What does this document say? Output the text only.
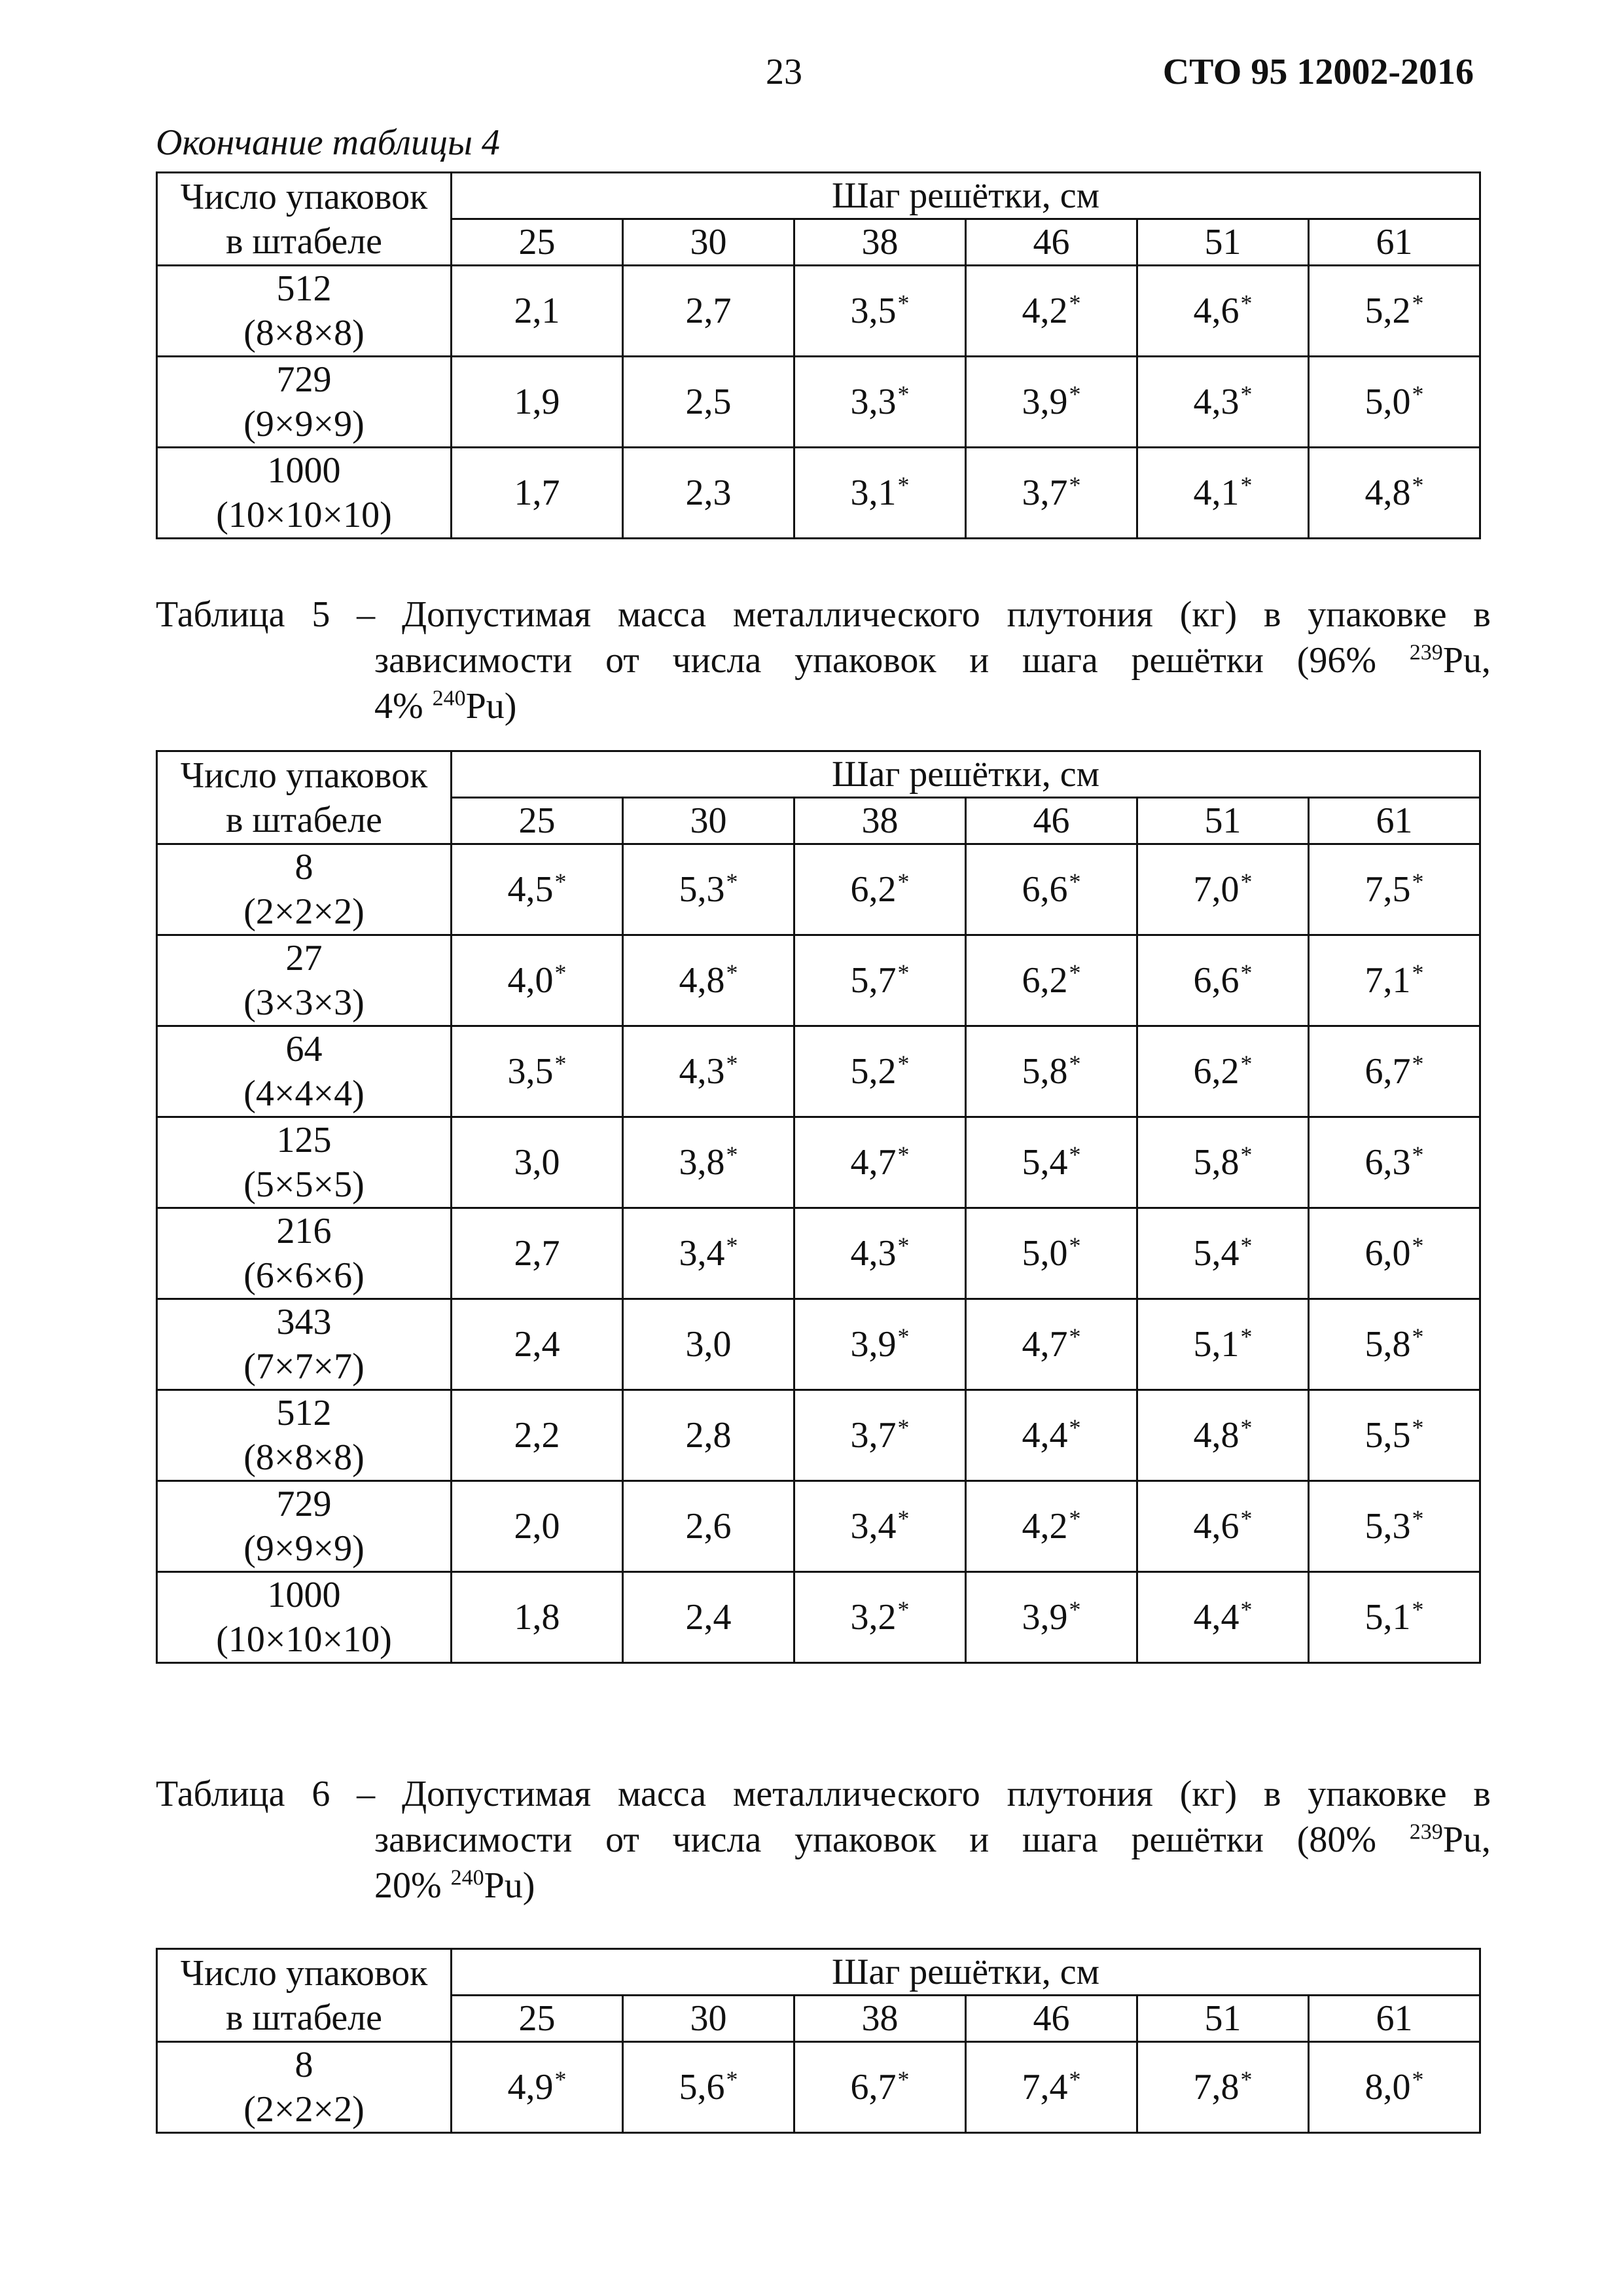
23	СТО 95 12002-2016
Окончание таблицы 4
Число упаковок
в штабеле	Шаг решётки, см					
	25	30	38	46	51	61

512
(8×8×8)	2,1	2,7	3,5*	4,2*	4,6*	5,2*

729
(9×9×9)	1,9	2,5	3,3*	3,9*	4,3*	5,0*

1000
(10×10×10)	1,7	2,3	3,1*	3,7*	4,1*	4,8*
Таблица 5 – Допустимая масса металлического плутония (кг) в упаковке в
зависимости от числа упаковок и шага решётки (96% $^{239}$Pu,
4% $^{240}$Pu)
Число упаковок
в штабеле	Шаг решётки, см					
	25	30	38	46	51	61

8
(2×2×2)	4,5*	5,3*	6,2*	6,6*	7,0*	7,5*

27
(3×3×3)	4,0*	4,8*	5,7*	6,2*	6,6*	7,1*

64
(4×4×4)	3,5*	4,3*	5,2*	5,8*	6,2*	6,7*

125
(5×5×5)	3,0	3,8*	4,7*	5,4*	5,8*	6,3*

216
(6×6×6)	2,7	3,4*	4,3*	5,0*	5,4*	6,0*

343
(7×7×7)	2,4	3,0	3,9*	4,7*	5,1*	5,8*

512
(8×8×8)	2,2	2,8	3,7*	4,4*	4,8*	5,5*

729
(9×9×9)	2,0	2,6	3,4*	4,2*	4,6*	5,3*

1000
(10×10×10)	1,8	2,4	3,2*	3,9*	4,4*	5,1*
Таблица 6 – Допустимая масса металлического плутония (кг) в упаковке в
зависимости от числа упаковок и шага решётки (80% $^{239}$Pu,
20% $^{240}$Pu)
Число упаковок
в штабеле	Шаг решётки, см					
	25	30	38	46	51	61

8
(2×2×2)	4,9*	5,6*	6,7*	7,4*	7,8*	8,0*
